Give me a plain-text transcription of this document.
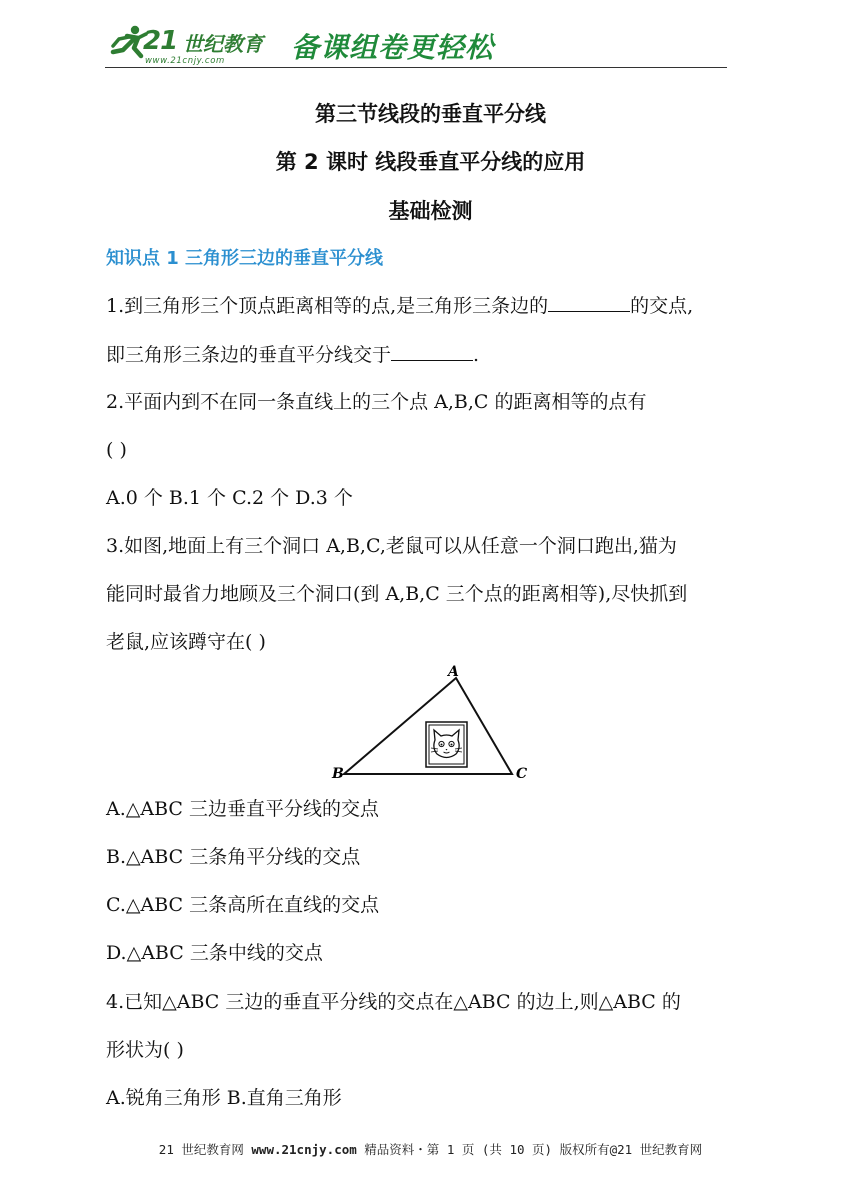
21 世纪教育
www.21cnjy.com 备课组卷更轻松
第三节线段的垂直平分线
第 2 课时 线段垂直平分线的应用
基础检测
知识点 1 三角形三边的垂直平分线
1.到三角形三个顶点距离相等的点,是三角形三条边的	的交点,
即三角形三条边的垂直平分线交于	.
2.平面内到不在同一条直线上的三个点 A,B,C 的距离相等的点有
( )
A.0 个 B.1 个 C.2 个 D.3 个
3.如图,地面上有三个洞口 A,B,C,老鼠可以从任意一个洞口跑出,猫为
能同时最省力地顾及三个洞口(到 A,B,C 三个点的距离相等),尽快抓到
老鼠,应该蹲守在( )
A
B	C
A.△ABC 三边垂直平分线的交点
B.△ABC 三条角平分线的交点
C.△ABC 三条高所在直线的交点
D.△ABC 三条中线的交点
4.已知△ABC 三边的垂直平分线的交点在△ABC 的边上,则△ABC 的
形状为( )
A.锐角三角形 B.直角三角形
21 世纪教育网 www.21cnjy.com 精品资料・第 1 页 (共 10 页) 版权所有@21 世纪教育网
